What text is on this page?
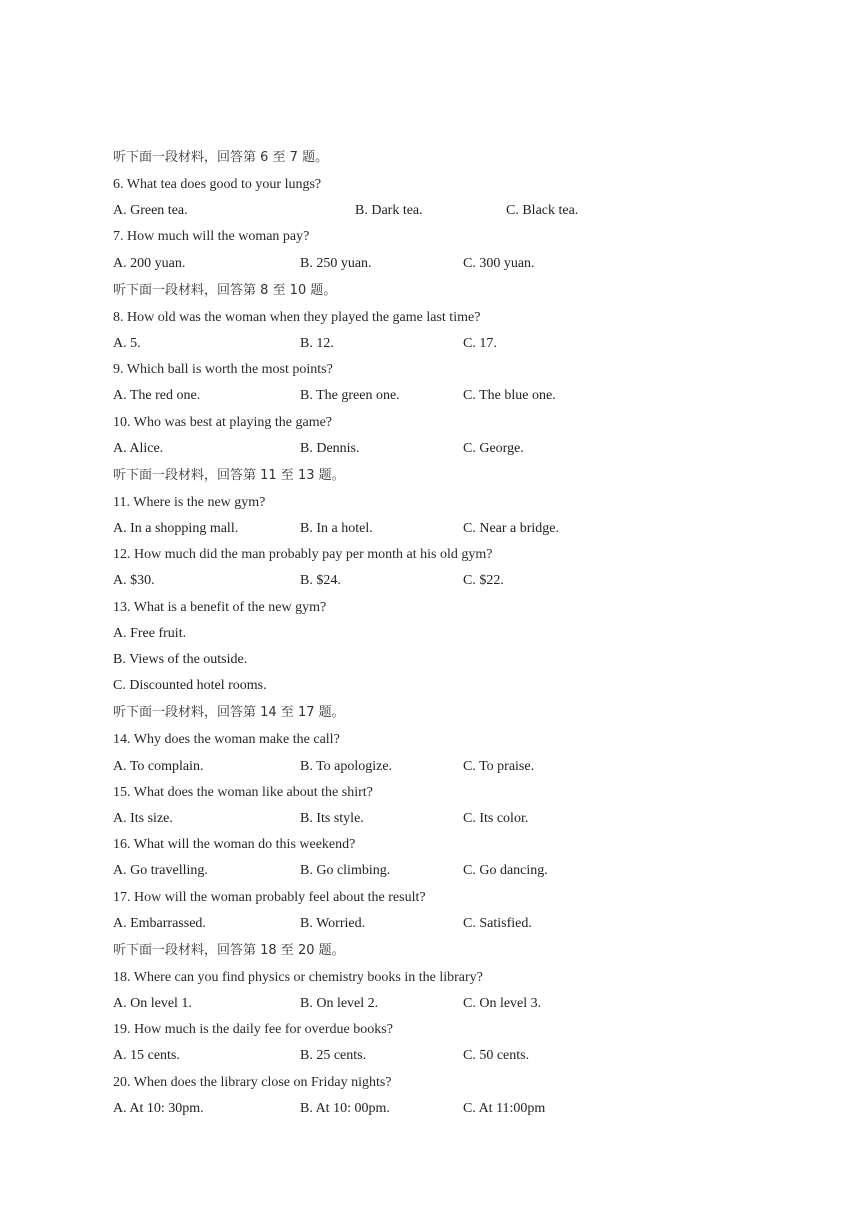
听下面一段材料，回答第 6 至 7 题。
6. What tea does good to your lungs?
A. Green tea.	B. Dark tea.	C. Black tea.
7. How much will the woman pay?
A. 200 yuan.	B. 250 yuan.	C. 300 yuan.
听下面一段材料，回答第 8 至 10 题。
8. How old was the woman when they played the game last time?
A. 5.	B. 12.	C. 17.
9. Which ball is worth the most points?
A. The red one.	B. The green one.	C. The blue one.
10. Who was best at playing the game?
A. Alice.	B. Dennis.	C. George.
听下面一段材料，回答第 11 至 13 题。
11. Where is the new gym?
A. In a shopping mall.	B. In a hotel.	C. Near a bridge.
12. How much did the man probably pay per month at his old gym?
A. $30.	B. $24.	C. $22.
13. What is a benefit of the new gym?
A. Free fruit.
B. Views of the outside.
C. Discounted hotel rooms.
听下面一段材料，回答第 14 至 17 题。
14. Why does the woman make the call?
A. To complain.	B. To apologize.	C. To praise.
15. What does the woman like about the shirt?
A. Its size.	B. Its style.	C. Its color.
16. What will the woman do this weekend?
A. Go travelling.	B. Go climbing.	C. Go dancing.
17. How will the woman probably feel about the result?
A. Embarrassed.	B. Worried.	C. Satisfied.
听下面一段材料，回答第 18 至 20 题。
18. Where can you find physics or chemistry books in the library?
A. On level 1.	B. On level 2.	C. On level 3.
19. How much is the daily fee for overdue books?
A. 15 cents.	B. 25 cents.	C. 50 cents.
20. When does the library close on Friday nights?
A. At 10: 30pm.	B. At 10: 00pm.	C. At 11:00pm
